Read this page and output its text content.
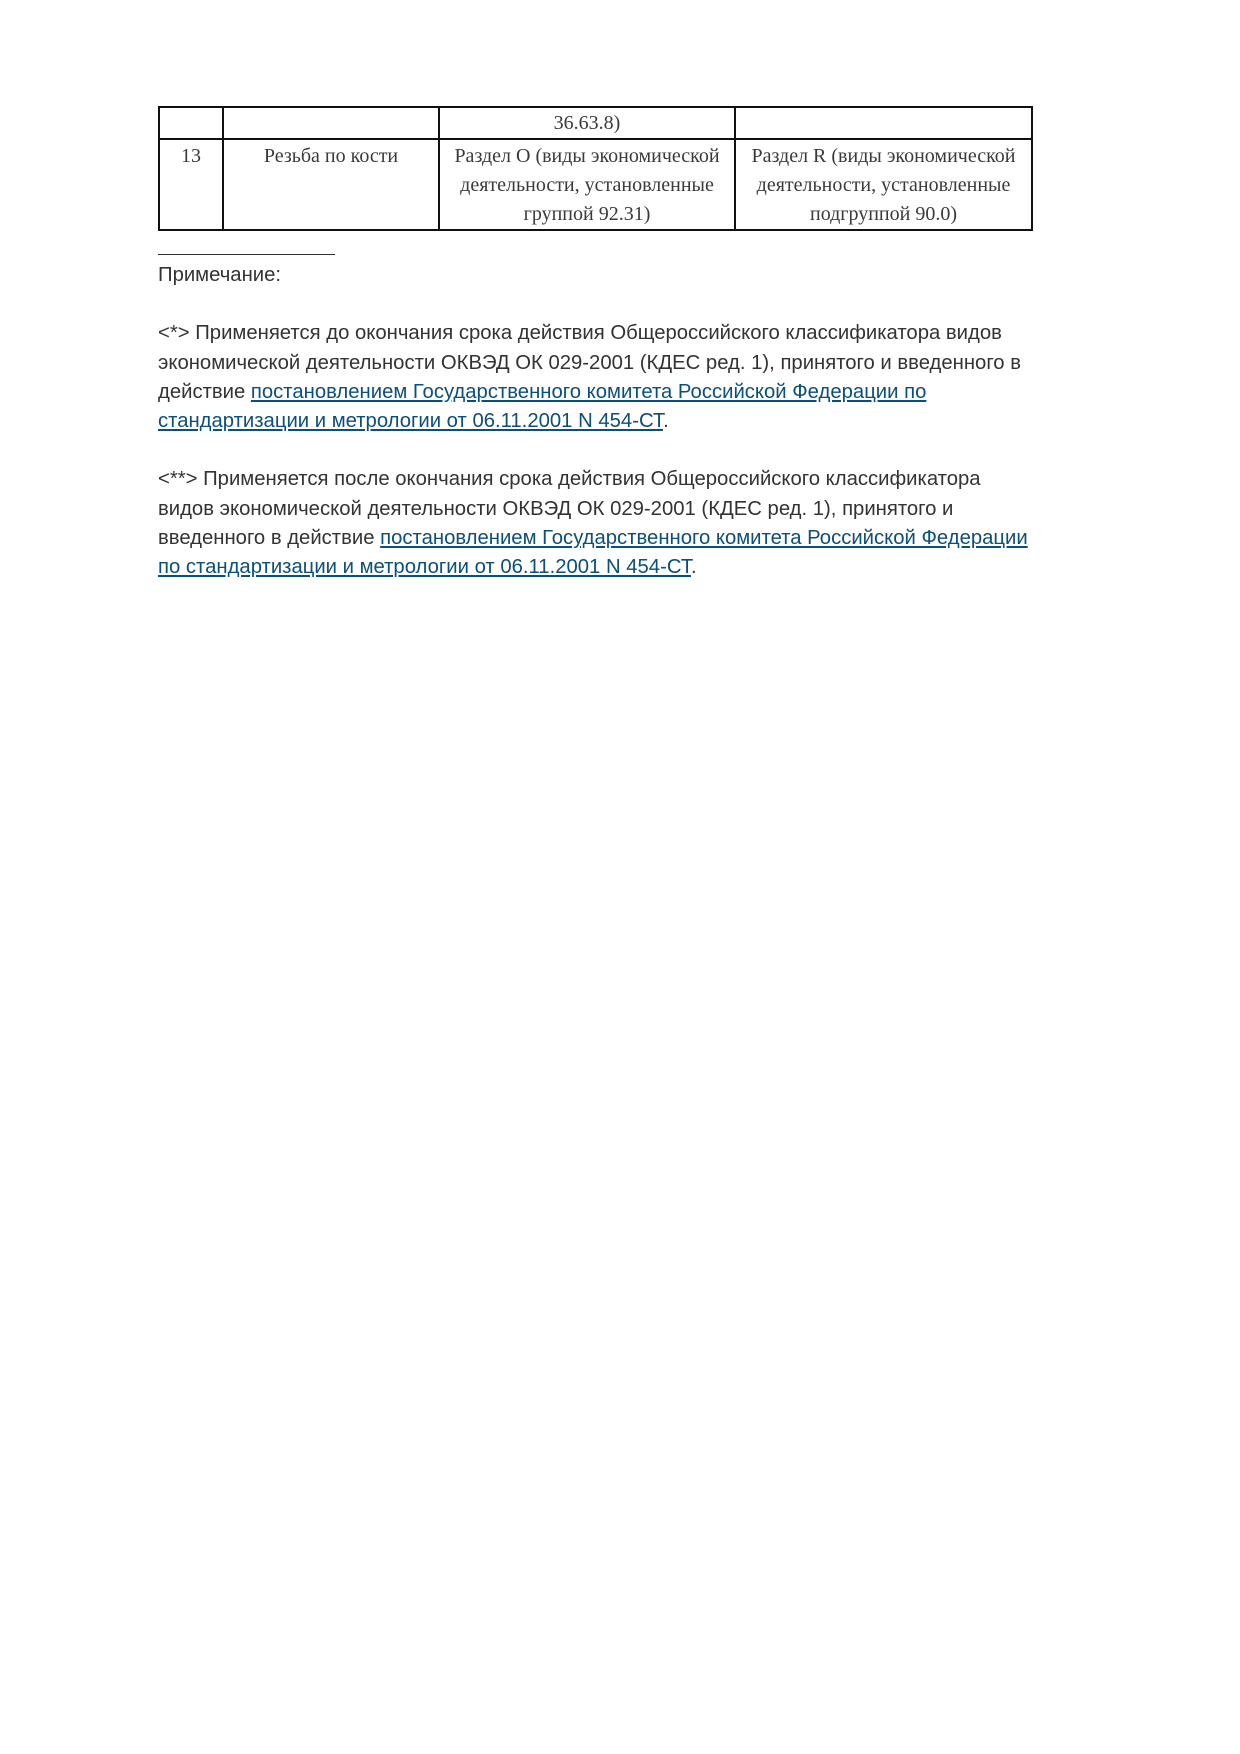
		36.63.8)	
13	Резьба по кости	Раздел O (виды экономической деятельности, установленные группой 92.31)	Раздел R (виды экономической деятельности, установленные подгруппой 90.0)

Примечание:

<*> Применяется до окончания срока действия Общероссийского классификатора видов экономической деятельности ОКВЭД ОК 029-2001 (КДЕС ред. 1), принятого и введенного в действие постановлением Государственного комитета Российской Федерации по стандартизации и метрологии от 06.11.2001 N 454-СТ.

<**> Применяется после окончания срока действия Общероссийского классификатора видов экономической деятельности ОКВЭД ОК 029-2001 (КДЕС ред. 1), принятого и введенного в действие постановлением Государственного комитета Российской Федерации по стандартизации и метрологии от 06.11.2001 N 454-СТ.
